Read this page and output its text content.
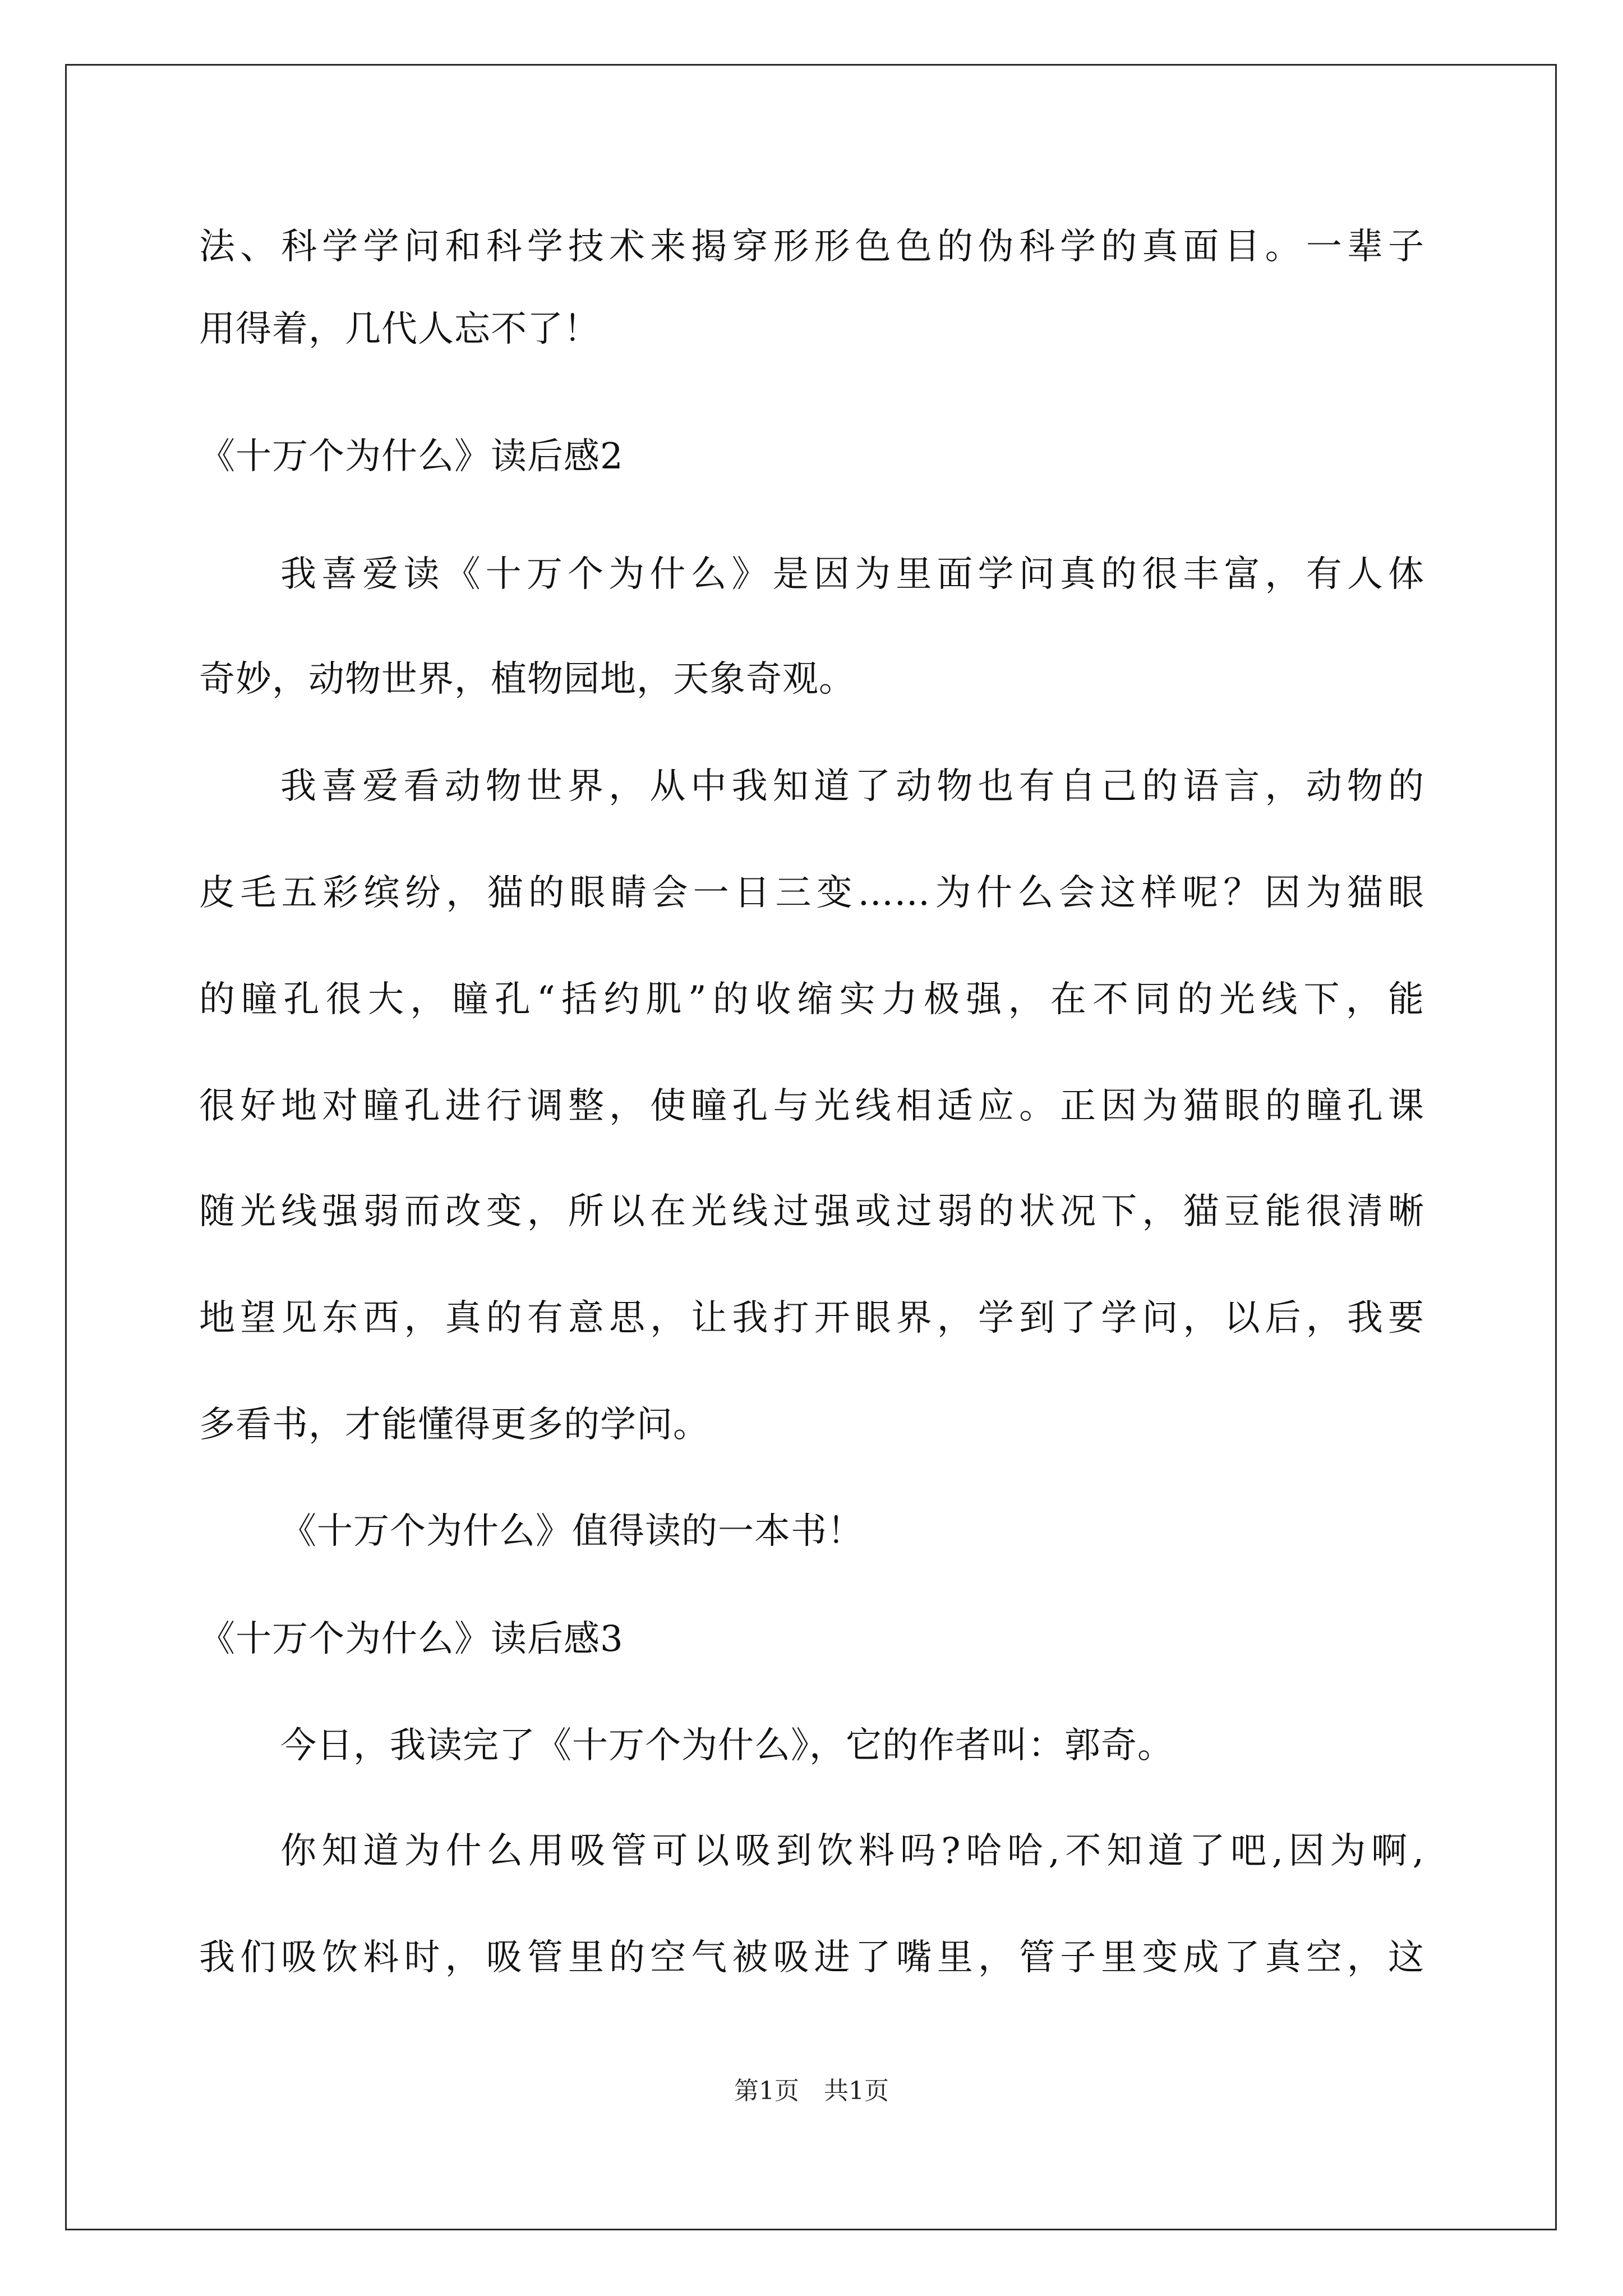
法、科学学问和科学技术来揭穿形形色色的伪科学的真面目。一辈子
用得着，几代人忘不了！
《十万个为什么》读后感2
我喜爱读《十万个为什么》是因为里面学问真的很丰富，有人体
奇妙，动物世界，植物园地，天象奇观。
我喜爱看动物世界，从中我知道了动物也有自己的语言，动物的
皮毛五彩缤纷，猫的眼睛会一日三变……为什么会这样呢？因为猫眼
的瞳孔很大，瞳孔“括约肌”的收缩实力极强，在不同的光线下，能
很好地对瞳孔进行调整，使瞳孔与光线相适应。正因为猫眼的瞳孔课
随光线强弱而改变，所以在光线过强或过弱的状况下，猫豆能很清晰
地望见东西，真的有意思，让我打开眼界，学到了学问，以后，我要
多看书，才能懂得更多的学问。
《十万个为什么》值得读的一本书！
《十万个为什么》读后感3
今日，我读完了《十万个为什么》，它的作者叫：郭奇。
你知道为什么用吸管可以吸到饮料吗?哈哈,不知道了吧,因为啊,
我们吸饮料时，吸管里的空气被吸进了嘴里，管子里变成了真空，这
第1页　共1页
